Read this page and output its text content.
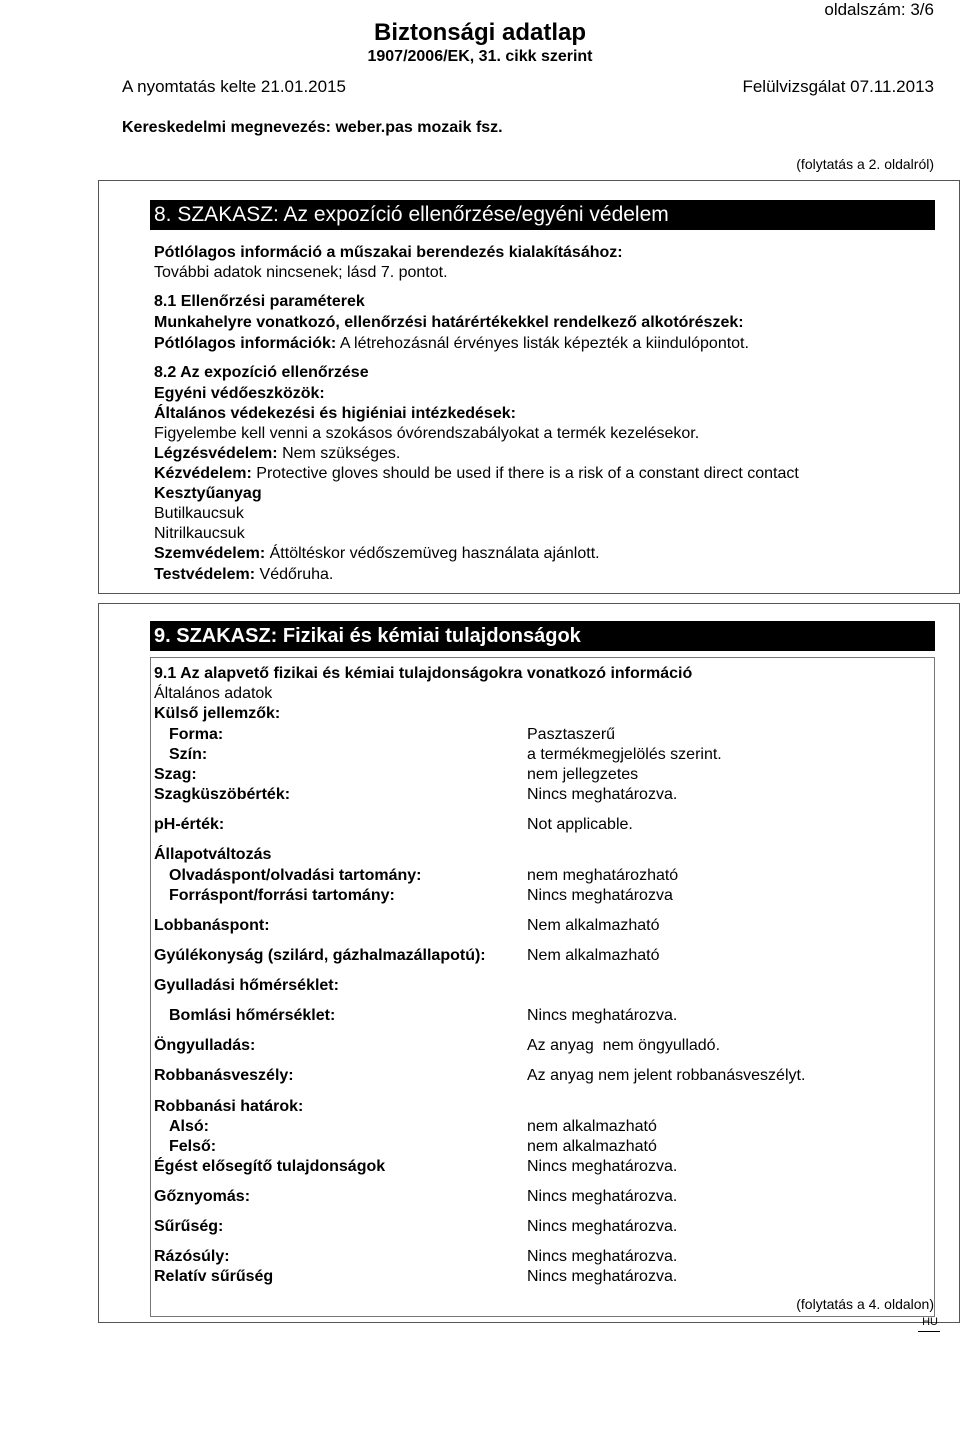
oldalszám: 3/6
Biztonsági adatlap
1907/2006/EK, 31. cikk szerint
A nyomtatás kelte 21.01.2015	Felülvizsgálat 07.11.2013
Kereskedelmi megnevezés: weber.pas mozaik fsz.
(folytatás a 2. oldalról)
8. SZAKASZ: Az expozíció ellenőrzése/egyéni védelem
Pótlólagos információ a műszakai berendezés kialakításához:
További adatok nincsenek; lásd 7. pontot.
8.1 Ellenőrzési paraméterek
Munkahelyre vonatkozó, ellenőrzési határértékekkel rendelkező alkotórészek:
Pótlólagos információk: A létrehozásnál érvényes listák képezték a kiindulópontot.
8.2 Az expozíció ellenőrzése
Egyéni védőeszközök:
Általános védekezési és higiéniai intézkedések:
Figyelembe kell venni a szokásos óvórendszabályokat a termék kezelésekor.
Légzésvédelem: Nem szükséges.
Kézvédelem: Protective gloves should be used if there is a risk of a constant direct contact
Kesztyűanyag
Butilkaucsuk
Nitrilkaucsuk
Szemvédelem: Áttöltéskor védőszemüveg használata ajánlott.
Testvédelem: Védőruha.
9. SZAKASZ: Fizikai és kémiai tulajdonságok
9.1 Az alapvető fizikai és kémiai tulajdonságokra vonatkozó információ
Általános adatok
Külső jellemzők:
Forma:	Pasztaszerű
Szín:	a termékmegjelölés szerint.
Szag:	nem jellegzetes
Szagküszöbérték:	Nincs meghatározva.
pH-érték:	Not applicable.
Állapotváltozás
Olvadáspont/olvadási tartomány:	nem meghatározható
Forráspont/forrási tartomány:	Nincs meghatározva
Lobbanáspont:	Nem alkalmazható
Gyúlékonyság (szilárd, gázhalmazállapotú):	Nem alkalmazható
Gyulladási hőmérséklet:
Bomlási hőmérséklet:	Nincs meghatározva.
Öngyulladás:	Az anyag  nem öngyulladó.
Robbanásveszély:	Az anyag nem jelent robbanásveszélyt.
Robbanási határok:
Alsó:	nem alkalmazható
Felső:	nem alkalmazható
Égést elősegítő tulajdonságok	Nincs meghatározva.
Gőznyomás:	Nincs meghatározva.
Sűrűség:	Nincs meghatározva.
Rázósúly:	Nincs meghatározva.
Relatív sűrűség	Nincs meghatározva.
(folytatás a 4. oldalon)
HU
